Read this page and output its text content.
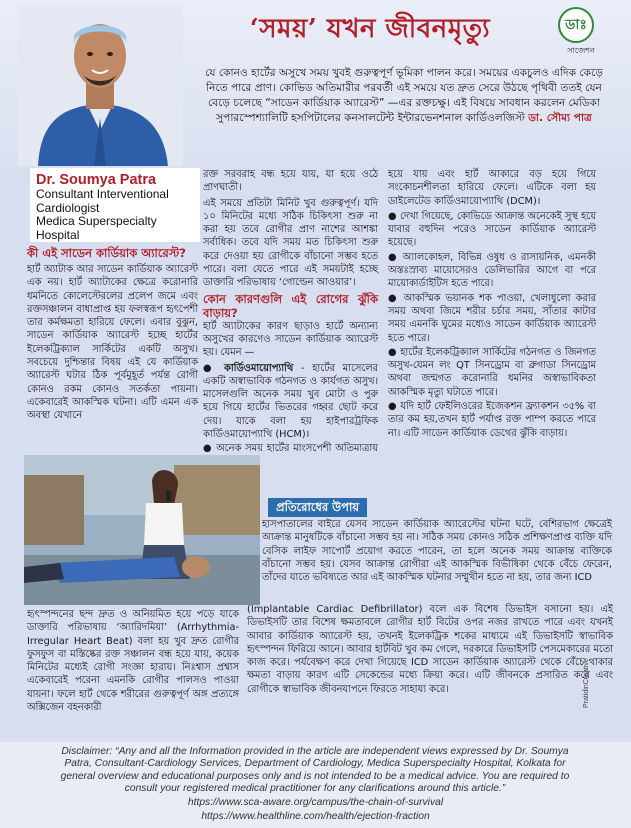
‘সময়’ যখন জীবনমৃত্যু	ডাঃ
সাজেশন
যে কোনও হার্টের অসুখে সময় খুবই গুরুত্বপূর্ণ ভূমিকা পালন করে। সময়ের একচুলও এদিক কেড়ে নিতে পারে প্রাণ। কোভিড অতিমারীর পরবর্তী এই সময়ে যত দ্রুত সেরে উঠছে পৃথিবী ততই যেন বেড়ে চলেছে “সাডেন কার্ডিয়াক অ্যারেস্ট” —এর রক্তচক্ষু। এই বিষয়ে সাবধান করলেন মেডিকা সুপারস্পেশ্যালিটি হসপিটালের কনসালটেন্ট ইন্টারভেনশনাল কার্ডিওলজিস্ট ডা. সৌম্য পাত্র
Dr. Soumya Patra
Consultant Interventional Cardiologist
Medica Superspecialty Hospital
কী এই সাডেন কার্ডিয়াক অ্যারেস্ট?
হার্ট অ্যাটাক আর সাডেন কার্ডিয়াক অ্যারেস্ট এক নয়। হার্ট অ্যাটাকের ক্ষেত্রে করোনারি ধমনিতে কোলেস্টেরলের প্রলেপ জমে এবং রক্তসঞ্চালন বাধাপ্রাপ্ত হয় ফলস্বরূপ হৃৎপেশী তার কর্মক্ষমতা হারিয়ে ফেলে। এবার বুঝুন, সাডেন কার্ডিয়াক অ্যারেস্ট হচ্ছে হার্টের ইলেকট্রিক্যাল সার্কিটের একটি অসুখ। সবচেয়ে দুশ্চিন্তার বিষয় এই যে কার্ডিয়াক অ্যারেস্ট ঘটার ঠিক পূর্বমুহূর্ত পর্যন্ত রোগী কোনও রকম কোনও সতর্কতা পায়না। একেবারেই আকস্মিক ঘটনা। এটি এমন এক অবস্থা যেখানে
রক্ত সরবরাহ বন্ধ হয়ে যায়, যা হয়ে ওঠে প্রাণঘাতী।
এই সময়ে প্রতিটা মিনিট খুব গুরুত্বপূর্ণ। যদি ১০ মিনিটের মধ্যে সঠিক চিকিৎসা শুরু না করা হয় তবে রোগীর প্রাণ নাশের আশঙ্কা সর্বাধিক। তবে যদি সময় মত চিকিৎসা শুরু করে দেওয়া হয় রোগীকে বাঁচানো সম্ভব হতে পারে। বলা যেতে পারে এই সময়টাই হচ্ছে ডাক্তারি পরিভাষায় ‘গোল্ডেন আওয়ার’।
কোন কারণগুলি এই রোগের ঝুঁকি বাড়ায়?
হার্ট অ্যাটাকের কারণ ছাড়াও হার্টে অন্যান্য অসুখের কারণেও সাডেন কার্ডিয়াক অ্যারেস্ট হয়। যেমন —
● কার্ডিওমায়োপ্যাথি - হার্টের মাসেলের একটি অস্বাভাবিক গঠনগত ও কার্যগত অসুখ। মাসেলগুলি অনেক সময় খুব মোটা ও পুরু হয়ে গিয়ে হার্টের ভিতরের গহ্বর ছোট করে দেয়। যাকে বলা হয় হাইপারট্রফিক কার্ডিওমায়োপ্যাথি (HCM)।
● অনেক সময় হার্টের মাংসপেশী অতিমাত্রায়
হয়ে যায় এবং হার্ট আকারে বড় হয়ে গিয়ে সংকোচনশীলতা হারিয়ে ফেলে। এটিকে বলা হয় ডাইলেটেড কার্ডিওমায়োপ্যাথি (DCM)।
● দেখা গিয়েছে, কোভিডে আক্রান্ত অনেকেই সুস্থ হয়ে যাবার বহুদিন পরেও সাডেন কার্ডিয়াক অ্যারেস্ট হয়েছে।
● অ্যালকোহল, বিভিন্ন ওষুধ ও রাসায়নিক, এমনকী অস্তঃস্রাব্য মায়োসেরও ডেলিভারির আগে বা পরে মায়োকার্ডাইটিস হতে পারে।
● আকস্মিক ভয়ানক শক পাওয়া, খেলাধুলো করার সময় অথবা জিমে শরীর চর্চার সময়, সাঁতার কাটার সময় এমনকি ঘুমের মধ্যেও সাডেন কার্ডিয়াক অ্যারেস্ট হতে পারে।
● হার্টের ইলেকট্রিক্যাল সার্কিটের গঠনগত ও জিনগত অসুখ-যেমন লং QT সিনড্রোম বা ব্রুগাডা সিনড্রোম অথবা জন্মগত করোনারি ধমনির অস্বাভাবিকতা আকস্মিক মৃত্যু ঘটাতে পারে।
● যদি হার্ট ফেইলিওরের ইজেকশন ফ্র্যাকশন ৩৫% বা তার কম হয়,তখন হার্ট পর্যাপ্ত রক্ত পাম্প করতে পারে না। এটি সাডেন কার্ডিয়াক ডেথের ঝুঁকি বাড়ায়।
প্রতিরোধের উপায়
হাসপাতালের বাইরে যেসব সাডেন কার্ডিয়াক অ্যারেস্টের ঘটনা ঘটে, বেশিরভাগ ক্ষেত্রেই আক্রান্ত মানুষটিকে বাঁচানো সম্ভব হয় না। সঠিক সময় কোনও সঠিক প্রশিক্ষণপ্রাপ্ত ব্যক্তি যদি বেসিক লাইফ সাপোর্ট প্রয়োগ করতে পারেন, তা হলে অনেক সময় আক্রান্ত ব্যক্তিকে বাঁচানো সম্ভব হয়। যেসব আক্রান্ত রোগীরা এই আকস্মিক বিভীষিকা থেকে বেঁচে ফেরেন, তাঁদের যাতে ভবিষ্যতে আর এই আকস্মিক ঘটনার সম্মুখীন হতে না হয়, তার জন্য ICD
হৃৎস্পন্দনের ছন্দ দ্রুত ও অনিয়মিত হয়ে পড়ে যাকে ডাক্তারি পরিভাষায় ‘অ্যারিদমিয়া’ (Arrhythmia- Irregular Heart Beat) বলা হয় খুব দ্রুত রোগীর ফুসফুস বা মস্তিষ্কের রক্ত সঞ্চালন বন্ধ হয়ে যায়, কয়েক মিনিটের মধ্যেই রোগী সংজ্ঞা হারায়। নিঃশ্বাস প্রশ্বাস একেবারেই পরেনা এমনকি রোগীর পালসও পাওয়া যায়না। ফলে হার্ট থেকে শরীরের গুরুত্বপূর্ণ অঙ্গ প্রত্যঙ্গে অক্সিজেন বহনকারী
(Implantable Cardiac Defibrillator) বলে এক বিশেষ ডিভাইস বসানো হয়। এই ডিভাইসটি তার বিশেষ ক্ষমতাবলে রোগীর হার্ট বিটের ওপর নজর রাখতে পারে এবং যখনই আবার কার্ডিয়াক অ্যারেস্ট হয়, তখনই ইলেকট্রিক শকের মাধ্যমে এই ডিভাইসটি স্বাভাবিক হৃৎস্পন্দন ফিরিয়ে আনে। আবার হার্টবিট খুব কম গেলে, দরকারে ডিভাইসটি পেসমেকারের মতো কাজ করে। পর্যবেক্ষণ করে দেখা গিয়েছে ICD সাডেন কার্ডিয়াক অ্যারেস্ট থেকে বেঁচে থাকার ক্ষমতা বাড়ায় কারণ এটি সেকেন্ডের মধ্যে ক্রিয়া করে। এটি জীবনকে প্রসারিত করে এবং রোগীকে স্বাভাবিক জীবনযাপনে ফিরতে সাহায্য করে।	PratidinCreative
Disclaimer: “Any and all the Information provided in the article are independent views expressed by Dr. Soumya Patra, Consultant-Cardiology Services, Department of Cardiology, Medica Superspecialty Hospital, Kolkata for general overview and educational purposes only and is not intended to be a medical advice. You are required to consult your registered medical practitioner for any clarifications around this article.”
https://www.sca-aware.org/campus/the-chain-of-survival
https://www.healthline.com/health/ejection-fraction
